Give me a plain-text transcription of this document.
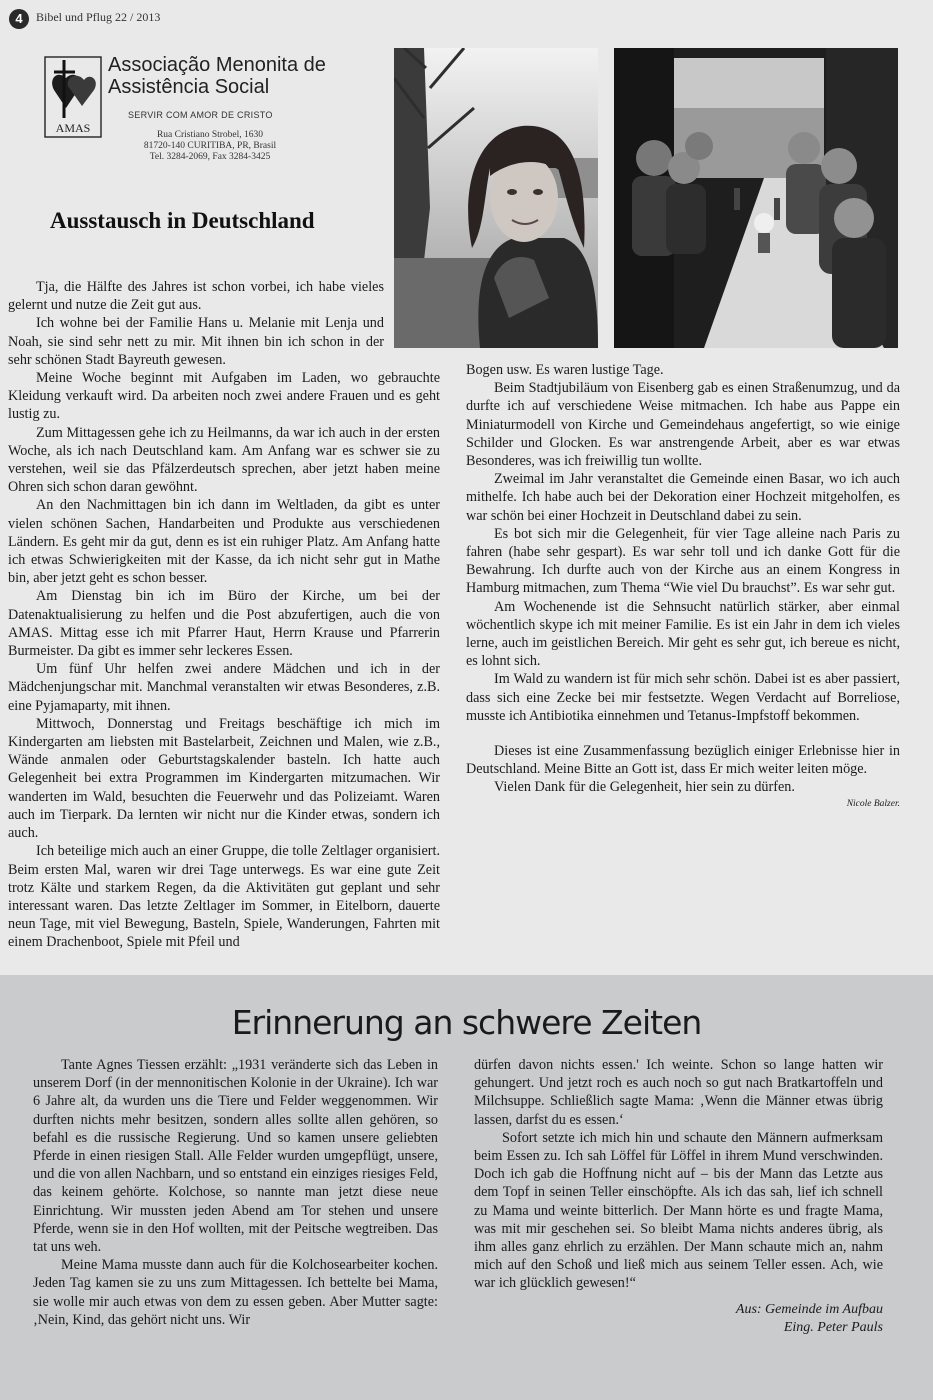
4	Bibel und Pflug 22 / 2013
AMAS
Associação Menonita de Assistência Social
SERVIR COM AMOR DE CRISTO
Rua Cristiano Strobel, 1630
81720-140 CURITIBA, PR, Brasil
Tel. 3284-2069, Fax 3284-3425
Ausstausch in Deutschland

Tja, die Hälfte des Jahres ist schon vorbei, ich habe vieles gelernt und nutze die Zeit gut aus.

Ich wohne bei der Familie Hans u. Melanie mit Lenja und Noah, sie sind sehr nett zu mir. Mit ihnen bin ich schon in der sehr schönen Stadt Bayreuth gewesen.

Meine Woche beginnt mit Aufgaben im Laden, wo gebrauchte Kleidung verkauft wird. Da arbeiten noch zwei andere Frauen und es geht lustig zu.

Zum Mittagessen gehe ich zu Heilmanns, da war ich auch in der ersten Woche, als ich nach Deutschland kam. Am Anfang war es schwer sie zu verstehen, weil sie das Pfälzerdeutsch sprechen, aber jetzt haben meine Ohren sich schon daran gewöhnt.

An den Nachmittagen bin ich dann im Weltladen, da gibt es unter vielen schönen Sachen, Handarbeiten und Produkte aus verschiedenen Ländern. Es geht mir da gut, denn es ist ein ruhiger Platz. Am Anfang hatte ich etwas Schwierigkeiten mit der Kasse, da ich nicht sehr gut in Mathe bin, aber jetzt geht es schon besser.

Am Dienstag bin ich im Büro der Kirche, um bei der Datenaktualisierung zu helfen und die Post abzufertigen, auch die von AMAS. Mittag esse ich mit Pfarrer Haut, Herrn Krause und Pfarrerin Burmeister. Da gibt es immer sehr leckeres Essen.

Um fünf Uhr helfen zwei andere Mädchen und ich in der Mädchenjungschar mit. Manchmal veranstalten wir etwas Besonderes, z.B. eine Pyjamaparty, mit ihnen.

Mittwoch, Donnerstag und Freitags beschäftige ich mich im Kindergarten am liebsten mit Bastelarbeit, Zeichnen und Malen, wie z.B., Wände anmalen oder Geburtstagskalender basteln. Ich hatte auch Gelegenheit bei extra Programmen im Kindergarten mitzumachen. Wir wanderten im Wald, besuchten die Feuerwehr und das Polizeiamt. Waren auch im Tierpark. Da lernten wir nicht nur die Kinder etwas, sondern ich auch.

Ich beteilige mich auch an einer Gruppe, die tolle Zeltlager organisiert. Beim ersten Mal, waren wir drei Tage unterwegs. Es war eine gute Zeit trotz Kälte und starkem Regen, da die Aktivitäten gut geplant und sehr interessant waren. Das letzte Zeltlager im Sommer, in Eitelborn, dauerte neun Tage, mit viel Bewegung, Basteln, Spiele, Wanderungen, Fahrten mit einem Drachenboot, Spiele mit Pfeil und

Bogen usw. Es waren lustige Tage.

Beim Stadtjubiläum von Eisenberg gab es einen Straßenumzug, und da durfte ich auf verschiedene Weise mitmachen. Ich habe aus Pappe ein Miniaturmodell von Kirche und Gemeindehaus angefertigt, so wie einige Schilder und Glocken. Es war anstrengende Arbeit, aber es war etwas Besonderes, was ich freiwillig tun wollte.

Zweimal im Jahr veranstaltet die Gemeinde einen Basar, wo ich auch mithelfe. Ich habe auch bei der Dekoration einer Hochzeit mitgeholfen, es war schön bei einer Hochzeit in Deutschland dabei zu sein.

Es bot sich mir die Gelegenheit, für vier Tage alleine nach Paris zu fahren (habe sehr gespart). Es war sehr toll und ich danke Gott für die Bewahrung. Ich durfte auch von der Kirche aus an einem Kongress in Hamburg mitmachen, zum Thema “Wie viel Du brauchst”. Es war sehr gut.

Am Wochenende ist die Sehnsucht natürlich stärker, aber einmal wöchentlich skype ich mit meiner Familie. Es ist ein Jahr in dem ich vieles lerne, auch im geistlichen Bereich. Mir geht es sehr gut, ich bereue es nicht, es lohnt sich.

Im Wald zu wandern ist für mich sehr schön. Dabei ist es aber passiert, dass sich eine Zecke bei mir festsetzte. Wegen Verdacht auf Borreliose, musste ich Antibiotika einnehmen und Tetanus-Impfstoff bekommen.

Dieses ist eine Zusammenfassung bezüglich einiger Erlebnisse hier in Deutschland. Meine Bitte an Gott ist, dass Er mich weiter leiten möge.

Vielen Dank für die Gelegenheit, hier sein zu dürfen.

Nicole Balzer.
Erinnerung an schwere Zeiten

Tante Agnes Tiessen erzählt: „1931 veränderte sich das Leben in unserem Dorf (in der mennonitischen Kolonie in der Ukraine). Ich war 6 Jahre alt, da wurden uns die Tiere und Felder weggenommen. Wir durften nichts mehr besitzen, sondern alles sollte allen gehören, so befahl es die russische Regierung. Und so kamen unsere geliebten Pferde in einen riesigen Stall. Alle Felder wurden umgepflügt, unsere, und die von allen Nachbarn, und so entstand ein einziges riesiges Feld, das keinem gehörte. Kolchose, so nannte man jetzt diese neue Einrichtung. Wir mussten jeden Abend am Tor stehen und unsere Pferde, wenn sie in den Hof wollten, mit der Peitsche wegtreiben. Das tat uns weh.

Meine Mama musste dann auch für die Kolchosearbeiter kochen. Jeden Tag kamen sie zu uns zum Mittagessen. Ich bettelte bei Mama, sie wolle mir auch etwas von dem zu essen geben. Aber Mutter sagte: ‚Nein, Kind, das gehört nicht uns. Wir

dürfen davon nichts essen.' Ich weinte. Schon so lange hatten wir gehungert. Und jetzt roch es auch noch so gut nach Bratkartoffeln und Milchsuppe. Schließlich sagte Mama: ‚Wenn die Männer etwas übrig lassen, darfst du es essen.‘

Sofort setzte ich mich hin und schaute den Männern aufmerksam beim Essen zu. Ich sah Löffel für Löffel in ihrem Mund verschwinden. Doch ich gab die Hoffnung nicht auf – bis der Mann das Letzte aus dem Topf in seinen Teller einschöpfte. Als ich das sah, lief ich schnell zu Mama und weinte bitterlich. Der Mann hörte es und fragte Mama, was mit mir geschehen sei. So bleibt Mama nichts anderes übrig, als ihm alles ganz ehrlich zu erzählen. Der Mann schaute mich an, nahm mich auf den Schoß und ließ mich aus seinem Teller essen. Ach, wie war ich glücklich gewesen!“

Aus: Gemeinde im Aufbau
Eing. Peter Pauls
